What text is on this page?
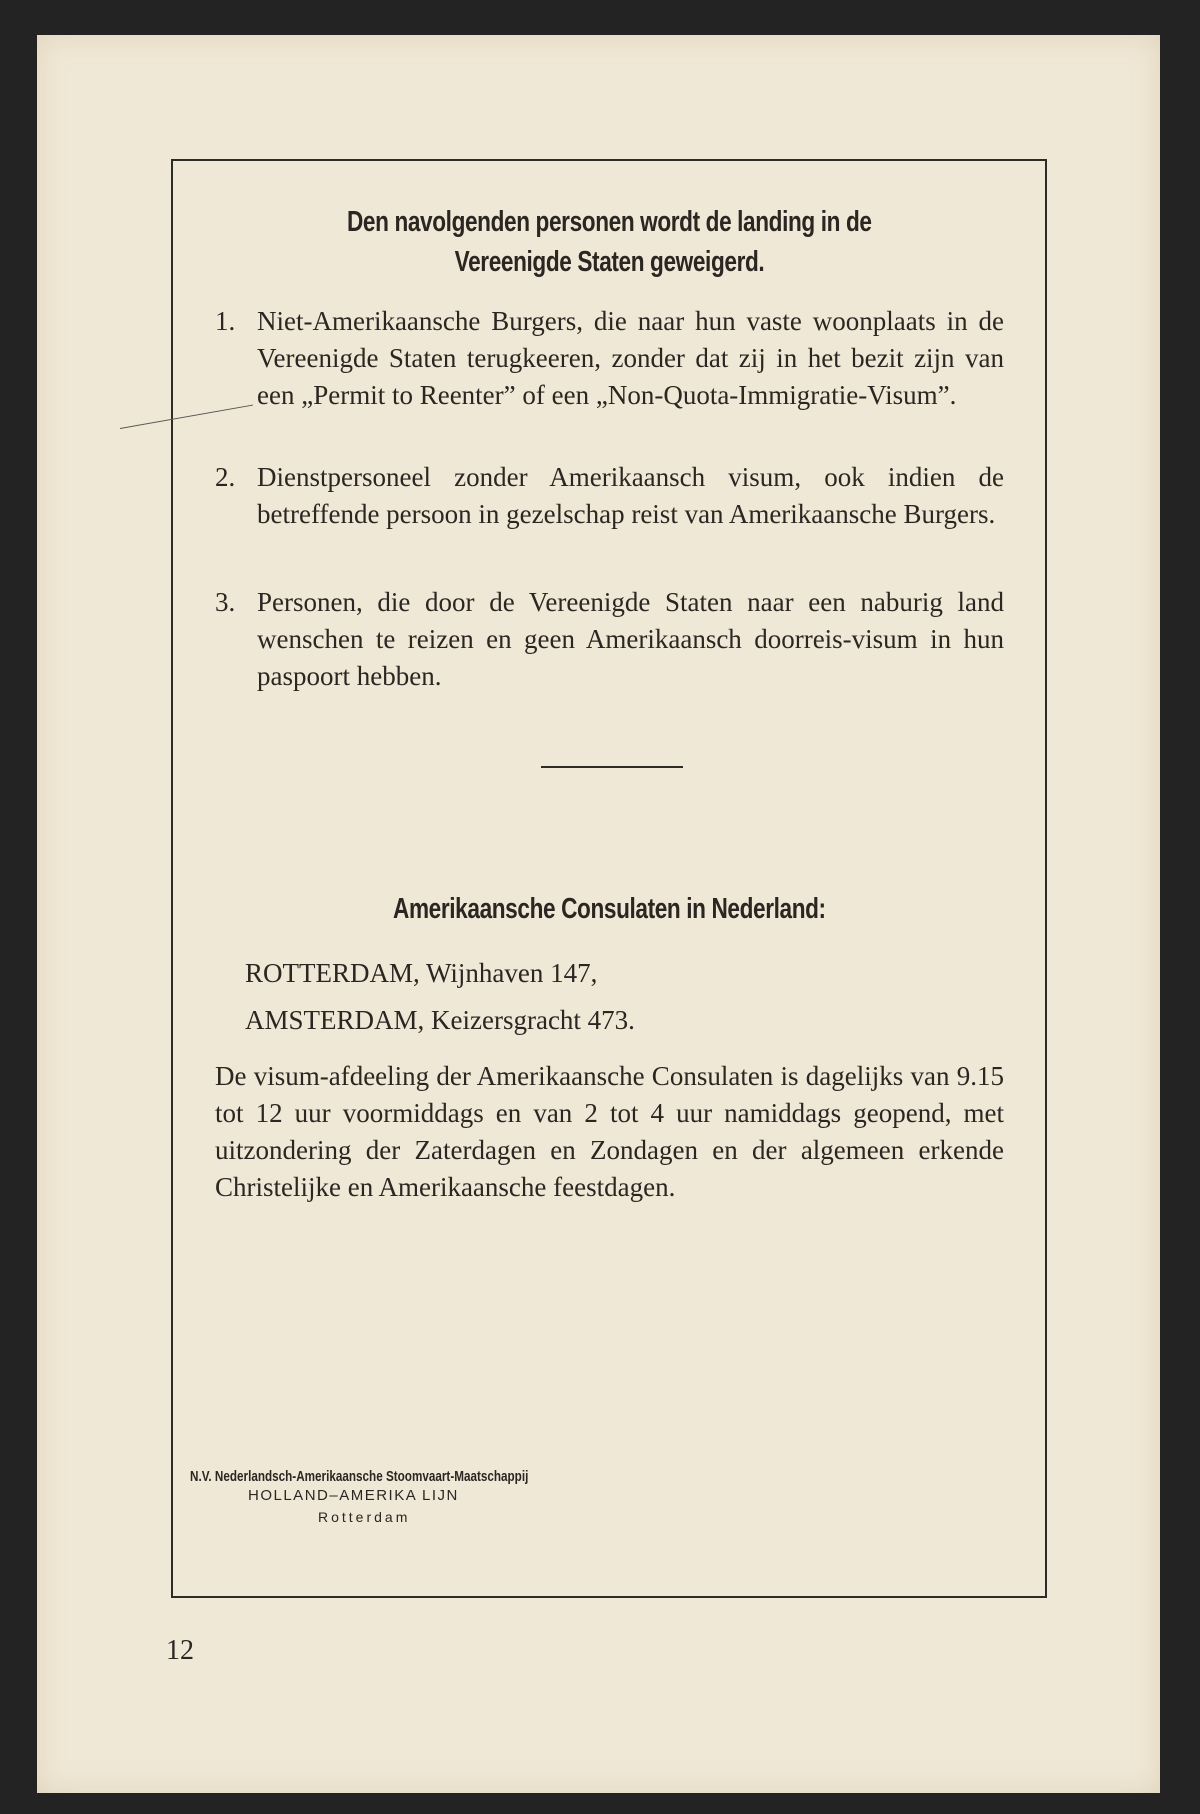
Den navolgenden personen wordt de landing in de
Vereenigde Staten geweigerd.
1. Niet-Amerikaansche Burgers, die naar hun vaste woonplaats in de Vereenigde Staten terugkeeren, zonder dat zij in het bezit zijn van een „Permit to Reenter” of een „Non-Quota-Immigratie-Visum”.
2. Dienstpersoneel zonder Amerikaansch visum, ook indien de betreffende persoon in gezelschap reist van Amerikaansche Burgers.
3. Personen, die door de Vereenigde Staten naar een naburig land wenschen te reizen en geen Amerikaansch doorreis-visum in hun paspoort hebben.
Amerikaansche Consulaten in Nederland:
ROTTERDAM, Wijnhaven 147,
AMSTERDAM, Keizersgracht 473.
De visum-afdeeling der Amerikaansche Consulaten is dagelijks van 9.15 tot 12 uur voormiddags en van 2 tot 4 uur namiddags geopend, met uitzondering der Zaterdagen en Zondagen en der algemeen erkende Christelijke en Amerikaansche feestdagen.
N.V. Nederlandsch-Amerikaansche Stoomvaart-Maatschappij
HOLLAND–AMERIKA LIJN
Rotterdam
12
